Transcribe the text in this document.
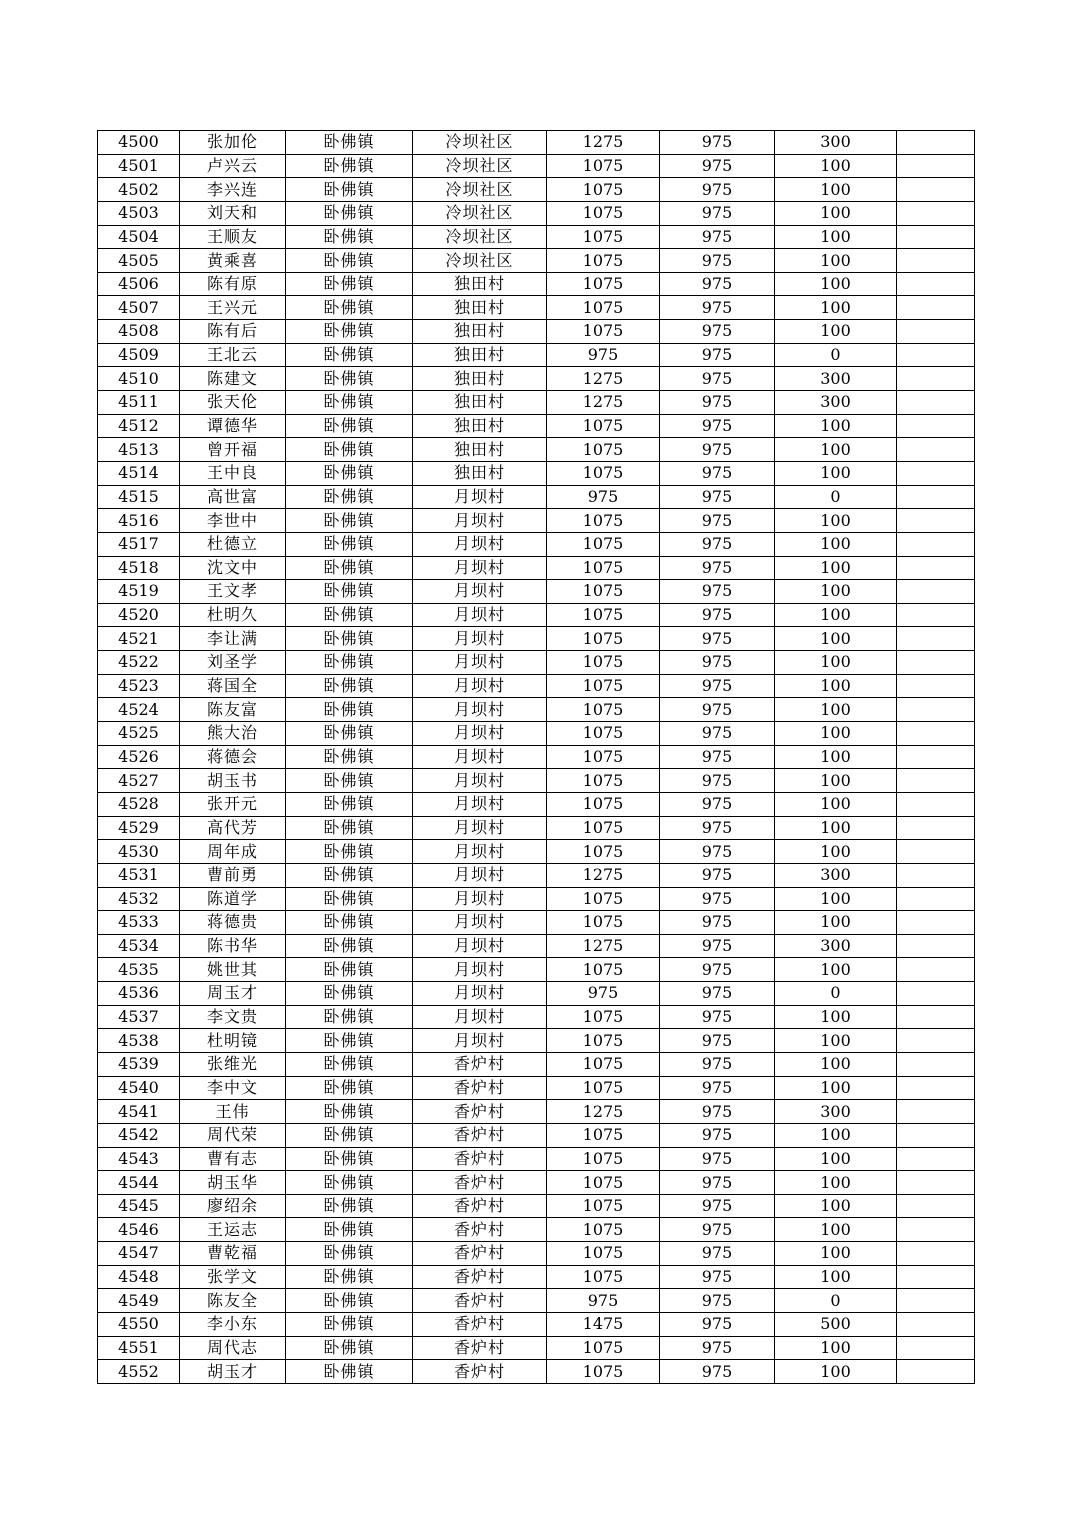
4500	张加伦	卧佛镇	冷坝社区	1275	975	300	
4501	卢兴云	卧佛镇	冷坝社区	1075	975	100	
4502	李兴连	卧佛镇	冷坝社区	1075	975	100	
4503	刘天和	卧佛镇	冷坝社区	1075	975	100	
4504	王顺友	卧佛镇	冷坝社区	1075	975	100	
4505	黄乘喜	卧佛镇	冷坝社区	1075	975	100	
4506	陈有原	卧佛镇	独田村	1075	975	100	
4507	王兴元	卧佛镇	独田村	1075	975	100	
4508	陈有后	卧佛镇	独田村	1075	975	100	
4509	王北云	卧佛镇	独田村	975	975	0	
4510	陈建文	卧佛镇	独田村	1275	975	300	
4511	张天伦	卧佛镇	独田村	1275	975	300	
4512	谭德华	卧佛镇	独田村	1075	975	100	
4513	曾开福	卧佛镇	独田村	1075	975	100	
4514	王中良	卧佛镇	独田村	1075	975	100	
4515	高世富	卧佛镇	月坝村	975	975	0	
4516	李世中	卧佛镇	月坝村	1075	975	100	
4517	杜德立	卧佛镇	月坝村	1075	975	100	
4518	沈文中	卧佛镇	月坝村	1075	975	100	
4519	王文孝	卧佛镇	月坝村	1075	975	100	
4520	杜明久	卧佛镇	月坝村	1075	975	100	
4521	李让满	卧佛镇	月坝村	1075	975	100	
4522	刘圣学	卧佛镇	月坝村	1075	975	100	
4523	蒋国全	卧佛镇	月坝村	1075	975	100	
4524	陈友富	卧佛镇	月坝村	1075	975	100	
4525	熊大治	卧佛镇	月坝村	1075	975	100	
4526	蒋德会	卧佛镇	月坝村	1075	975	100	
4527	胡玉书	卧佛镇	月坝村	1075	975	100	
4528	张开元	卧佛镇	月坝村	1075	975	100	
4529	高代芳	卧佛镇	月坝村	1075	975	100	
4530	周年成	卧佛镇	月坝村	1075	975	100	
4531	曹前勇	卧佛镇	月坝村	1275	975	300	
4532	陈道学	卧佛镇	月坝村	1075	975	100	
4533	蒋德贵	卧佛镇	月坝村	1075	975	100	
4534	陈书华	卧佛镇	月坝村	1275	975	300	
4535	姚世其	卧佛镇	月坝村	1075	975	100	
4536	周玉才	卧佛镇	月坝村	975	975	0	
4537	李文贵	卧佛镇	月坝村	1075	975	100	
4538	杜明镜	卧佛镇	月坝村	1075	975	100	
4539	张维光	卧佛镇	香炉村	1075	975	100	
4540	李中文	卧佛镇	香炉村	1075	975	100	
4541	王伟	卧佛镇	香炉村	1275	975	300	
4542	周代荣	卧佛镇	香炉村	1075	975	100	
4543	曹有志	卧佛镇	香炉村	1075	975	100	
4544	胡玉华	卧佛镇	香炉村	1075	975	100	
4545	廖绍余	卧佛镇	香炉村	1075	975	100	
4546	王运志	卧佛镇	香炉村	1075	975	100	
4547	曹乾福	卧佛镇	香炉村	1075	975	100	
4548	张学文	卧佛镇	香炉村	1075	975	100	
4549	陈友全	卧佛镇	香炉村	975	975	0	
4550	李小东	卧佛镇	香炉村	1475	975	500	
4551	周代志	卧佛镇	香炉村	1075	975	100	
4552	胡玉才	卧佛镇	香炉村	1075	975	100	
